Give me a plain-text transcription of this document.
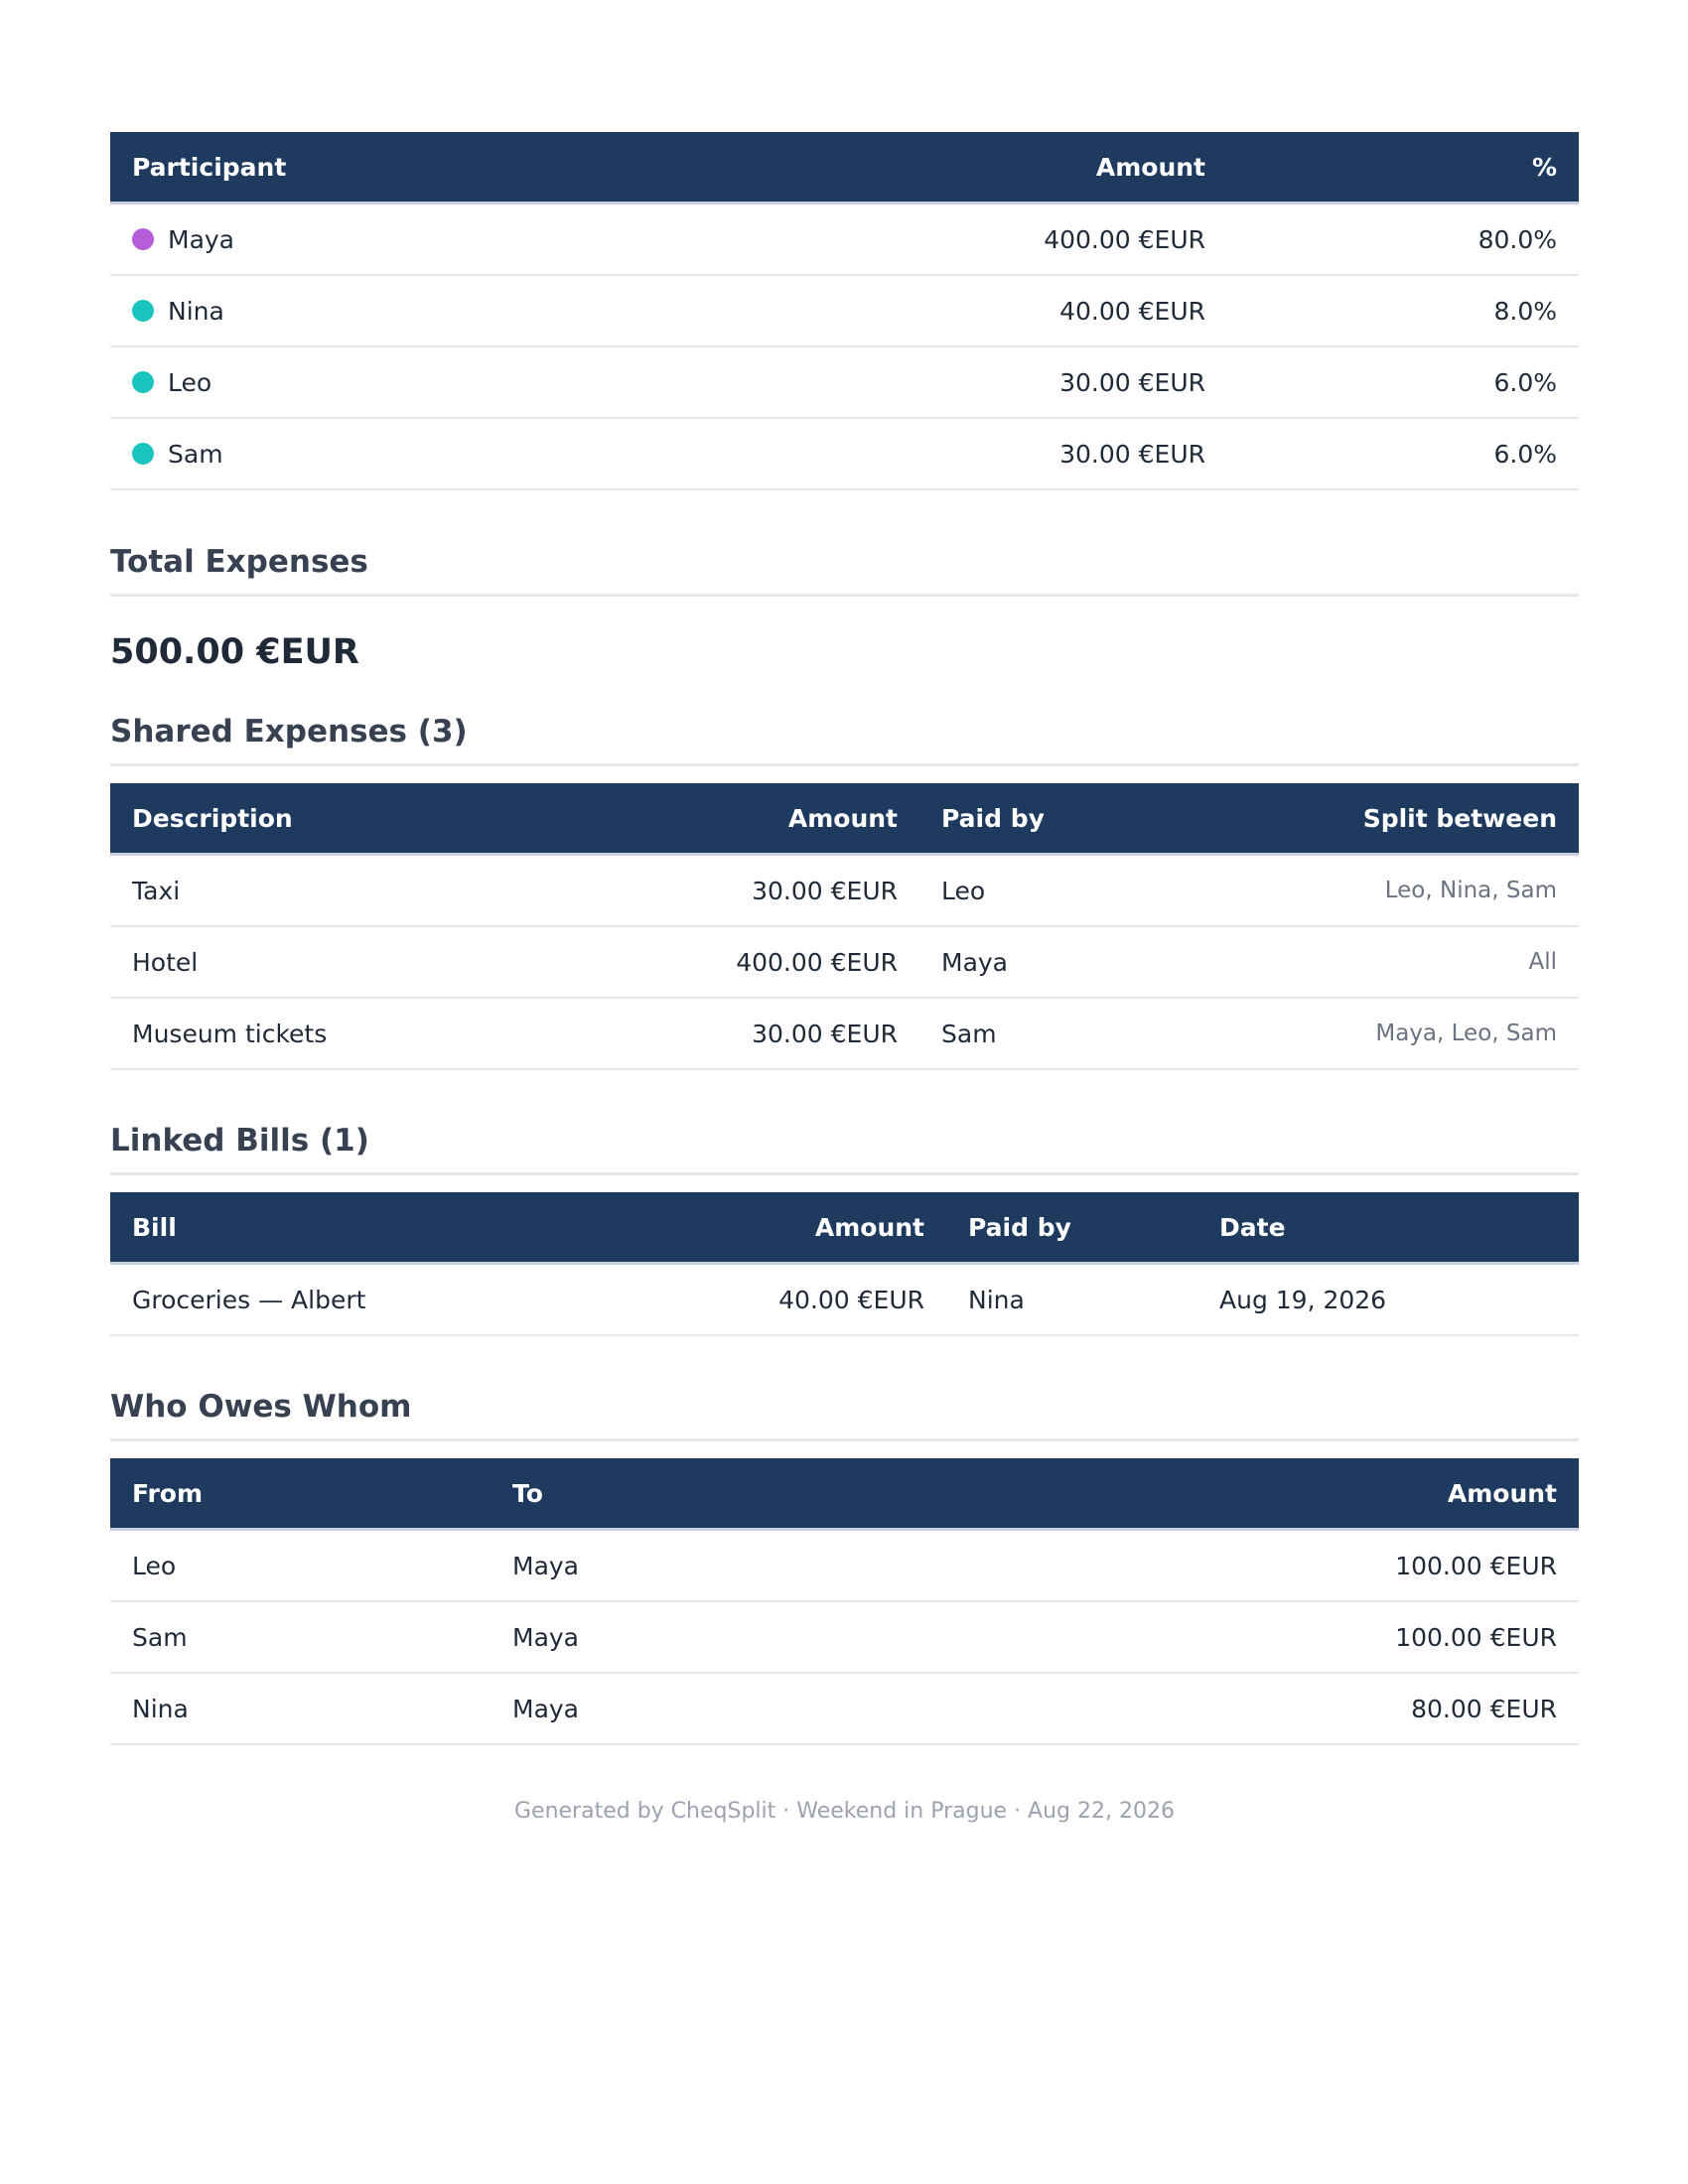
Participant	Amount	%
Maya	400.00 €EUR	80.0%
Nina	40.00 €EUR	8.0%
Leo	30.00 €EUR	6.0%
Sam	30.00 €EUR	6.0%
Total Expenses
500.00 €EUR
Shared Expenses (3)
Description	Amount	Paid by	Split between
Taxi	30.00 €EUR	Leo	Leo, Nina, Sam
Hotel	400.00 €EUR	Maya	All
Museum tickets	30.00 €EUR	Sam	Maya, Leo, Sam
Linked Bills (1)
Bill	Amount	Paid by	Date
Groceries — Albert	40.00 €EUR	Nina	Aug 19, 2026
Who Owes Whom
From	To	Amount
Leo	Maya	100.00 €EUR
Sam	Maya	100.00 €EUR
Nina	Maya	80.00 €EUR
Generated by CheqSplit · Weekend in Prague · Aug 22, 2026
